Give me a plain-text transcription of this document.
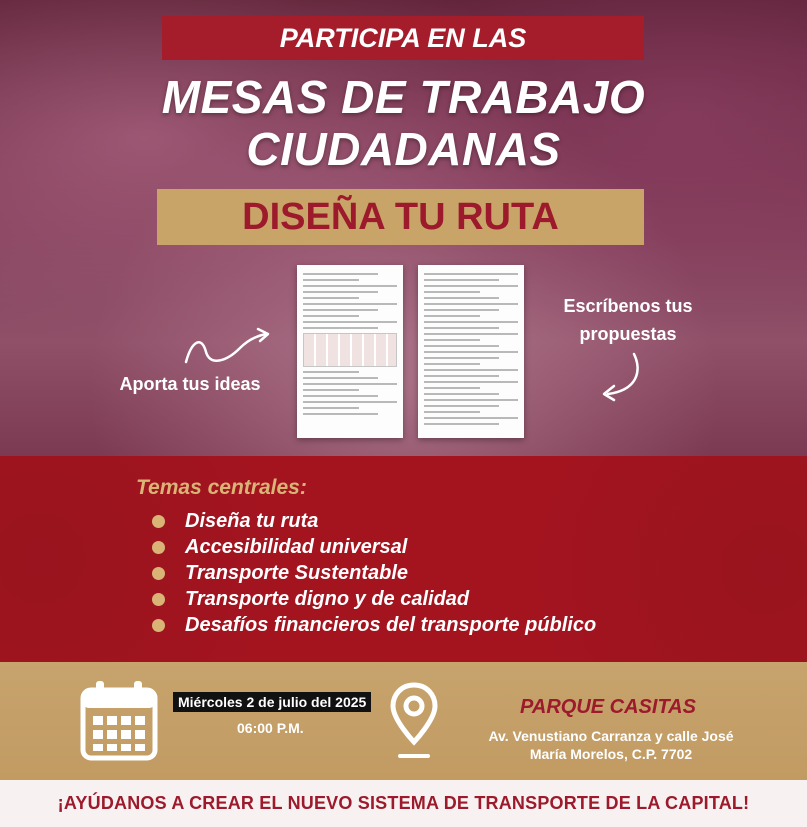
PARTICIPA EN LAS
MESAS DE TRABAJO
CIUDADANAS
DISEÑA TU RUTA
Aporta tus ideas
Escríbenos tus
propuestas
Temas centrales:
Diseña tu ruta
Accesibilidad universal
Transporte Sustentable
Transporte digno y de calidad
Desafíos financieros del transporte público
Miércoles 2 de julio del 2025
06:00 P.M.
PARQUE CASITAS
Av. Venustiano Carranza y calle José
María Morelos, C.P. 7702
¡AYÚDANOS A CREAR EL NUEVO SISTEMA DE TRANSPORTE DE LA CAPITAL!
